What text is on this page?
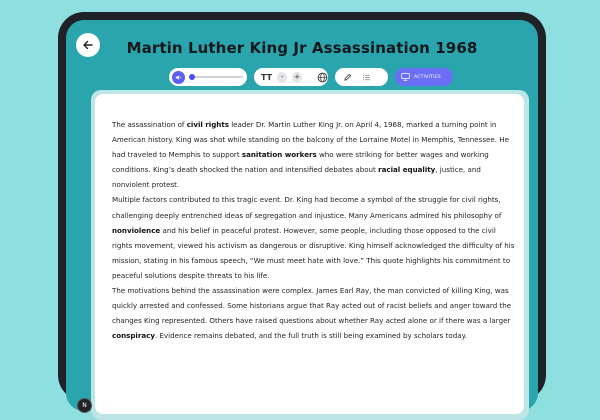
Martin Luther King Jr Assassination 1968
TT	-	+	ACTIVITIES

The assassination of civil rights leader Dr. Martin Luther King Jr. on April 4, 1968, marked a turning point in American history. King was shot while standing on the balcony of the Lorraine Motel in Memphis, Tennessee. He had traveled to Memphis to support sanitation workers who were striking for better wages and working conditions. King’s death shocked the nation and intensified debates about racial equality, justice, and nonviolent protest.

Multiple factors contributed to this tragic event. Dr. King had become a symbol of the struggle for civil rights, challenging deeply entrenched ideas of segregation and injustice. Many Americans admired his philosophy of nonviolence and his belief in peaceful protest. However, some people, including those opposed to the civil rights movement, viewed his activism as dangerous or disruptive. King himself acknowledged the difficulty of his mission, stating in his famous speech, “We must meet hate with love.” This quote highlights his commitment to peaceful solutions despite threats to his life.

The motivations behind the assassination were complex. James Earl Ray, the man convicted of killing King, was quickly arrested and confessed. Some historians argue that Ray acted out of racist beliefs and anger toward the changes King represented. Others have raised questions about whether Ray acted alone or if there was a larger conspiracy. Evidence remains debated, and the full truth is still being examined by scholars today.

N
